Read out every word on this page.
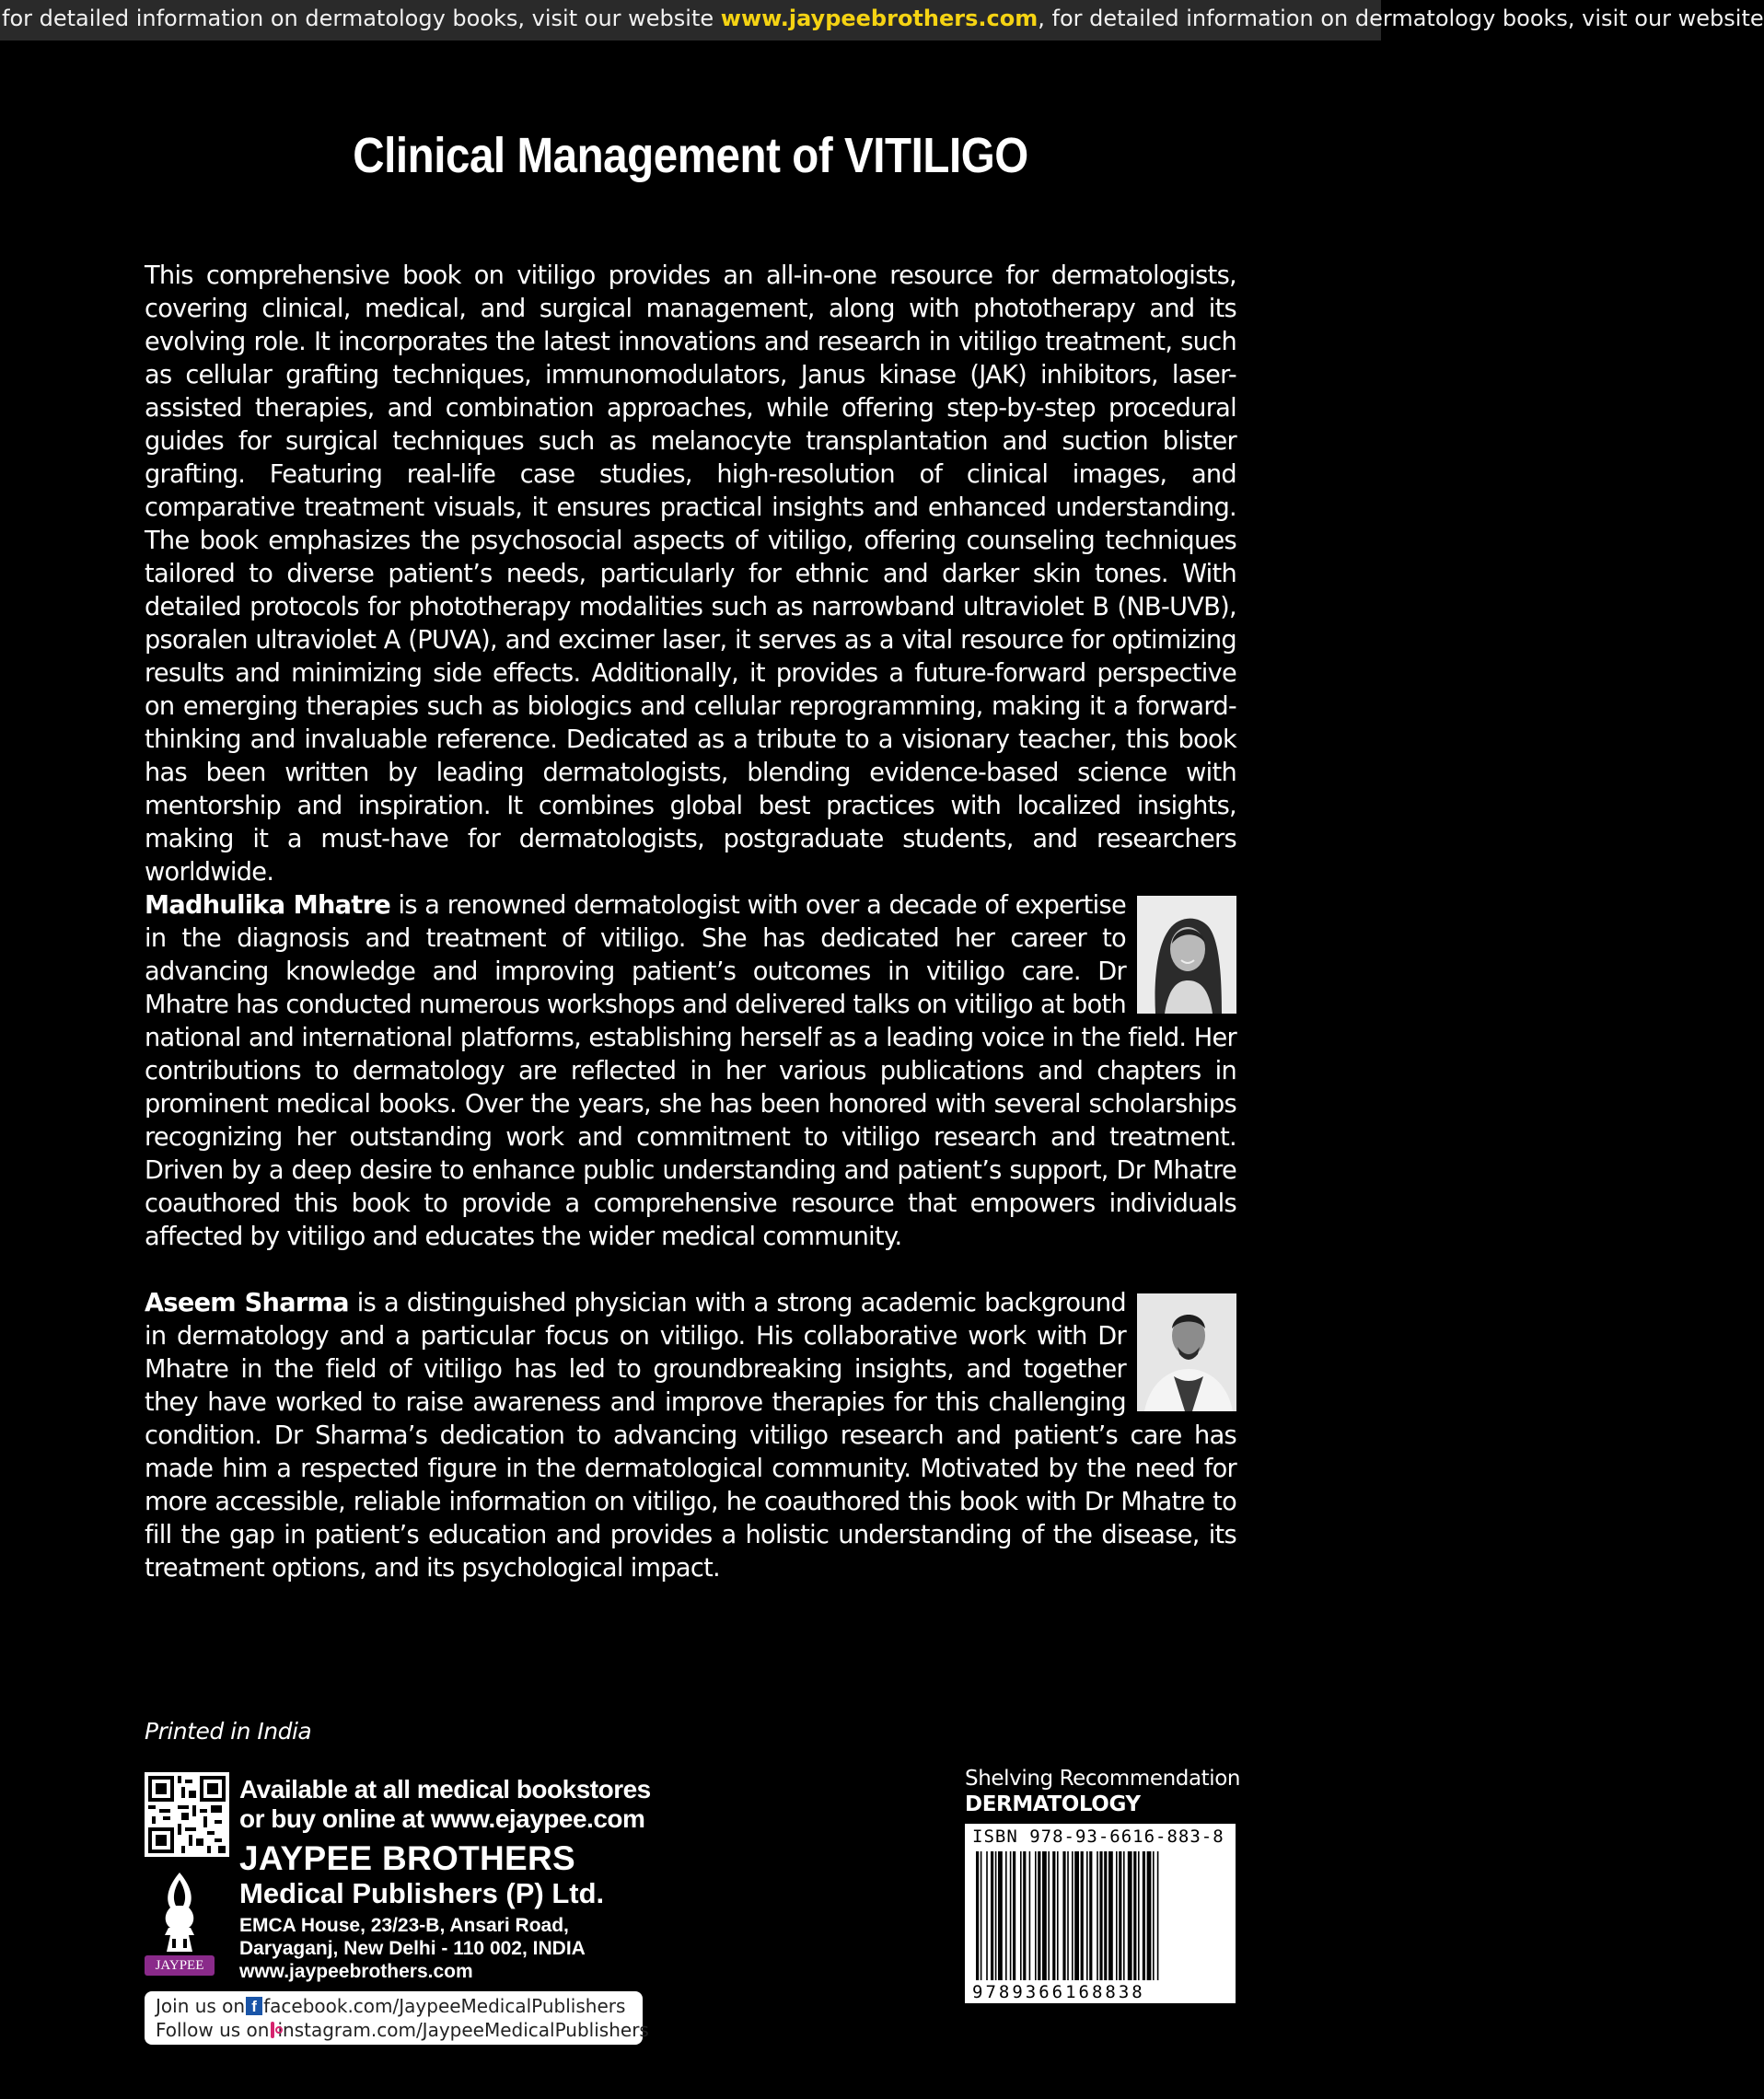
for detailed information on dermatology books, visit our website www.jaypeebrothers.com, for detailed information on dermatology books, visit our website
Clinical Management of VITILIGO
This comprehensive book on vitiligo provides an all-in-one resource for dermatologists, covering clinical, medical, and surgical management, along with phototherapy and its evolving role. It incorporates the latest innovations and research in vitiligo treatment, such as cellular grafting techniques, immunomodulators, Janus kinase (JAK) inhibitors, laser-assisted therapies, and combination approaches, while offering step-by-step procedural guides for surgical techniques such as melanocyte transplantation and suction blister grafting. Featuring real-life case studies, high-resolution of clinical images, and comparative treatment visuals, it ensures practical insights and enhanced understanding. The book emphasizes the psychosocial aspects of vitiligo, offering counseling techniques tailored to diverse patient’s needs, particularly for ethnic and darker skin tones. With detailed protocols for phototherapy modalities such as narrowband ultraviolet B (NB-UVB), psoralen ultraviolet A (PUVA), and excimer laser, it serves as a vital resource for optimizing results and minimizing side effects. Additionally, it provides a future-forward perspective on emerging therapies such as biologics and cellular reprogramming, making it a forward-thinking and invaluable reference. Dedicated as a tribute to a visionary teacher, this book has been written by leading dermatologists, blending evidence-based science with mentorship and inspiration. It combines global best practices with localized insights, making it a must-have for dermatologists, postgraduate students, and researchers worldwide.
Madhulika Mhatre is a renowned dermatologist with over a decade of expertise in the diagnosis and treatment of vitiligo. She has dedicated her career to advancing knowledge and improving patient’s outcomes in vitiligo care. Dr Mhatre has conducted numerous workshops and delivered talks on vitiligo at both national and international platforms, establishing herself as a leading voice in the field. Her contributions to dermatology are reflected in her various publications and chapters in prominent medical books. Over the years, she has been honored with several scholarships recognizing her outstanding work and commitment to vitiligo research and treatment. Driven by a deep desire to enhance public understanding and patient’s support, Dr Mhatre coauthored this book to provide a comprehensive resource that empowers individuals affected by vitiligo and educates the wider medical community.
Aseem Sharma is a distinguished physician with a strong academic background in dermatology and a particular focus on vitiligo. His collaborative work with Dr Mhatre in the field of vitiligo has led to groundbreaking insights, and together they have worked to raise awareness and improve therapies for this challenging condition. Dr Sharma’s dedication to advancing vitiligo research and patient’s care has made him a respected figure in the dermatological community. Motivated by the need for more accessible, reliable information on vitiligo, he coauthored this book with Dr Mhatre to fill the gap in patient’s education and provides a holistic understanding of the disease, its treatment options, and its psychological impact.
Printed in India
Available at all medical bookstores
or buy online at www.ejaypee.com
JAYPEE
JAYPEE BROTHERS
Medical Publishers (P) Ltd.
EMCA House, 23/23-B, Ansari Road,
Daryaganj, New Delhi - 110 002, INDIA
www.jaypeebrothers.com
Join us on f facebook.com/JaypeeMedicalPublishers
Follow us on instagram.com/JaypeeMedicalPublishers
Shelving Recommendation
DERMATOLOGY
ISBN 978-93-6616-883-8
9789366168838
